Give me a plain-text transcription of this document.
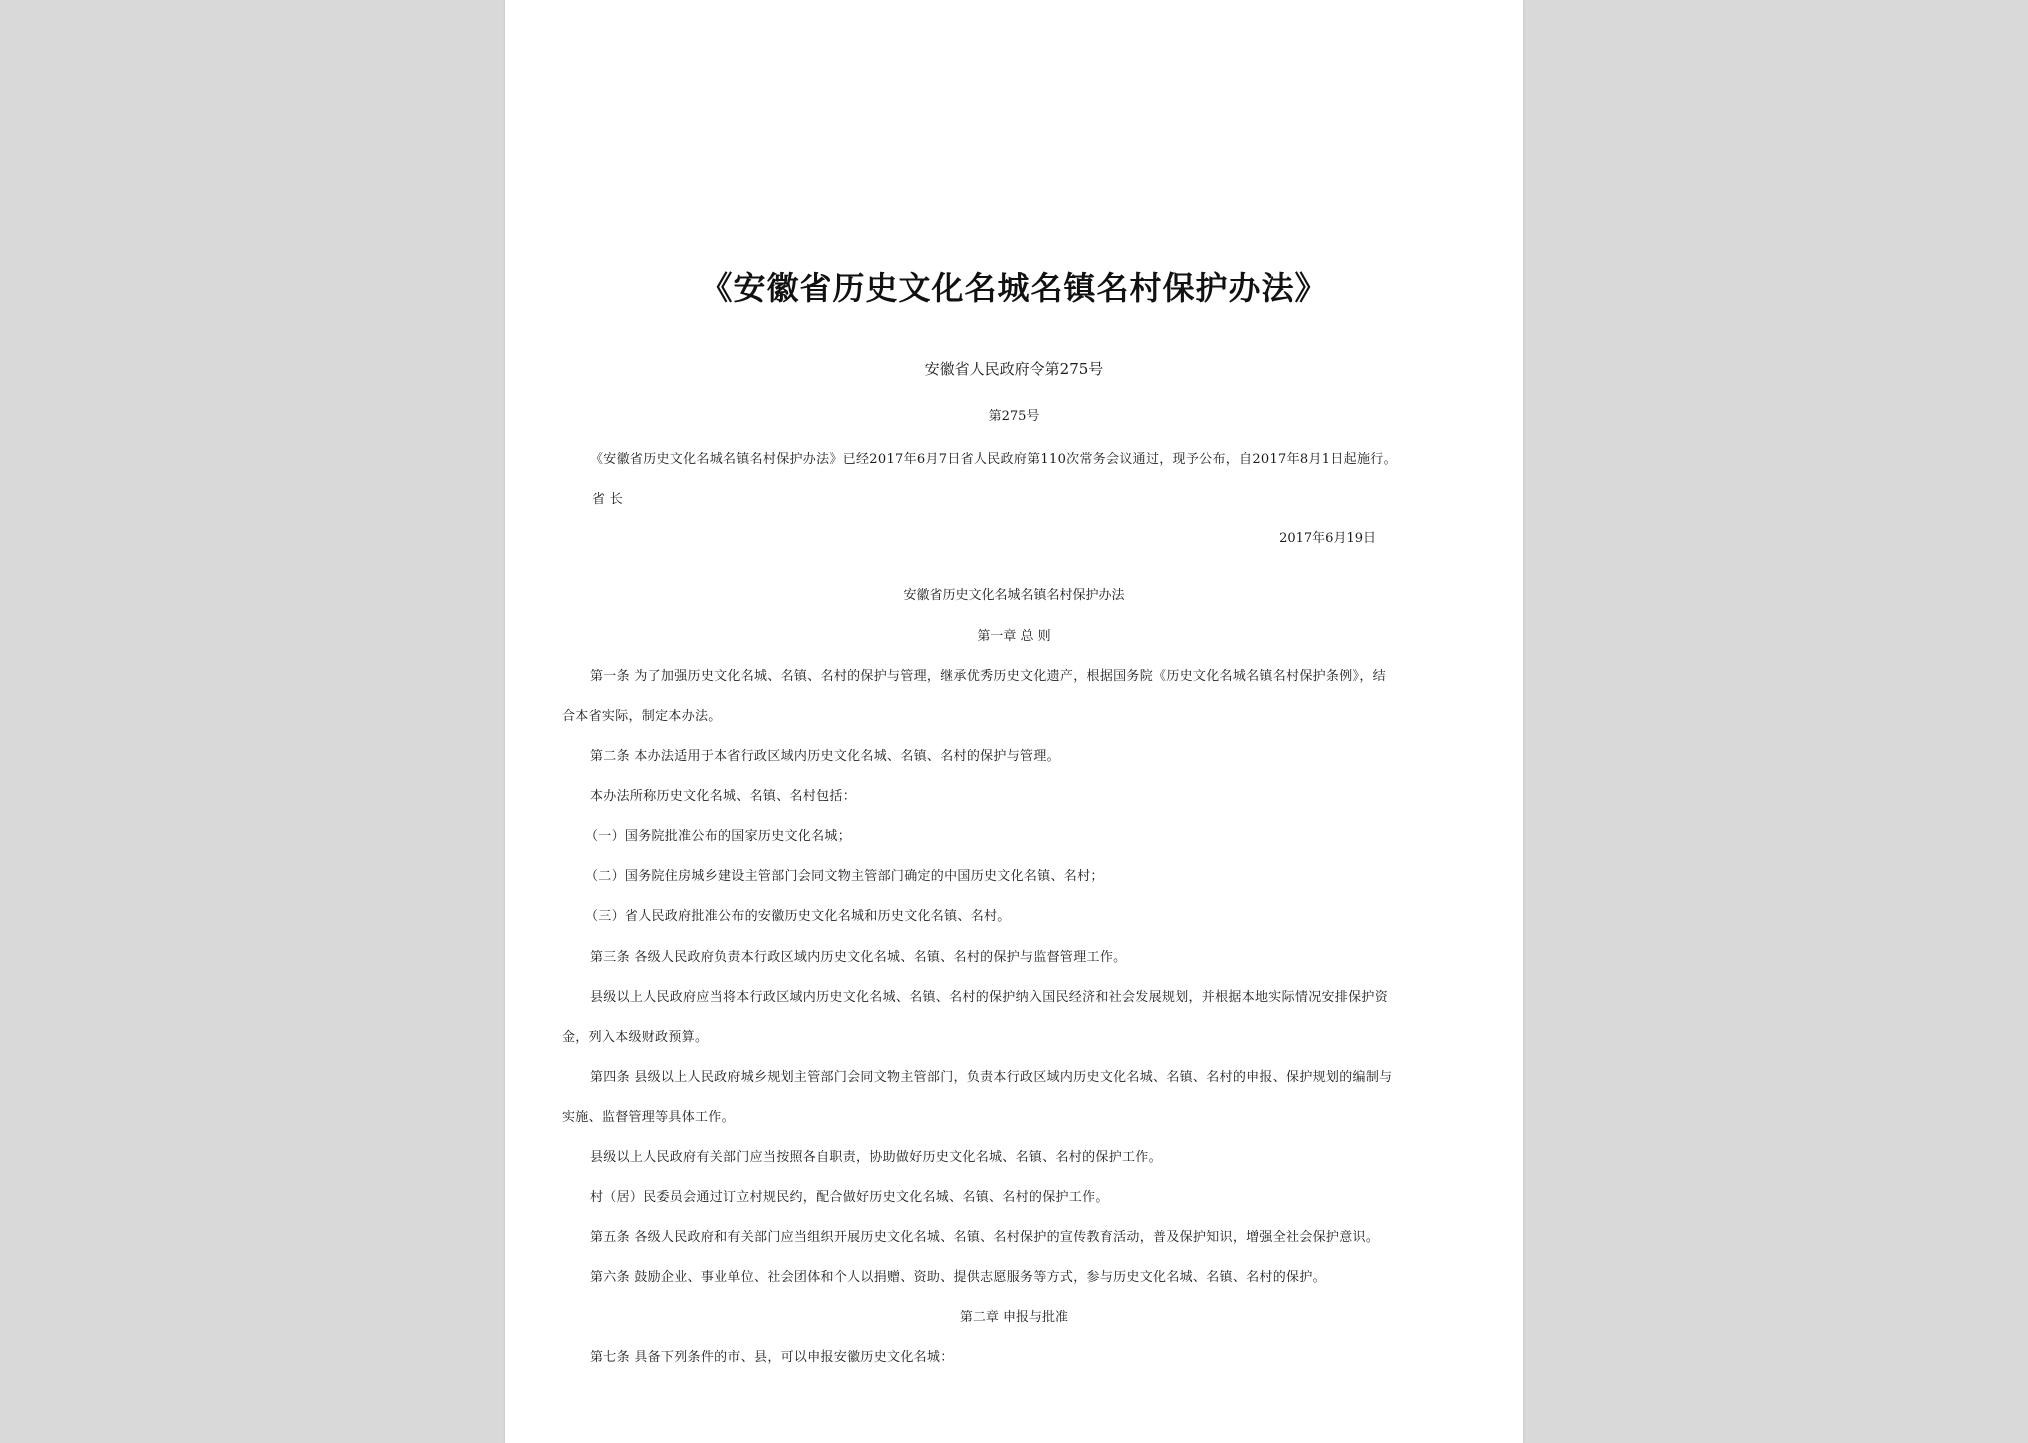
《安徽省历史文化名城名镇名村保护办法》
安徽省人民政府令第275号
第275号
《安徽省历史文化名城名镇名村保护办法》已经2017年6月7日省人民政府第110次常务会议通过，现予公布，自2017年8月1日起施行。
省 长
2017年6月19日
安徽省历史文化名城名镇名村保护办法
第一章 总 则
第一条 为了加强历史文化名城、名镇、名村的保护与管理，继承优秀历史文化遗产，根据国务院《历史文化名城名镇名村保护条例》，结
合本省实际，制定本办法。
第二条 本办法适用于本省行政区域内历史文化名城、名镇、名村的保护与管理。
本办法所称历史文化名城、名镇、名村包括：
（一）国务院批准公布的国家历史文化名城；
（二）国务院住房城乡建设主管部门会同文物主管部门确定的中国历史文化名镇、名村；
（三）省人民政府批准公布的安徽历史文化名城和历史文化名镇、名村。
第三条 各级人民政府负责本行政区域内历史文化名城、名镇、名村的保护与监督管理工作。
县级以上人民政府应当将本行政区域内历史文化名城、名镇、名村的保护纳入国民经济和社会发展规划，并根据本地实际情况安排保护资
金，列入本级财政预算。
第四条 县级以上人民政府城乡规划主管部门会同文物主管部门，负责本行政区域内历史文化名城、名镇、名村的申报、保护规划的编制与
实施、监督管理等具体工作。
县级以上人民政府有关部门应当按照各自职责，协助做好历史文化名城、名镇、名村的保护工作。
村（居）民委员会通过订立村规民约，配合做好历史文化名城、名镇、名村的保护工作。
第五条 各级人民政府和有关部门应当组织开展历史文化名城、名镇、名村保护的宣传教育活动，普及保护知识，增强全社会保护意识。
第六条 鼓励企业、事业单位、社会团体和个人以捐赠、资助、提供志愿服务等方式，参与历史文化名城、名镇、名村的保护。
第二章 申报与批准
第七条 具备下列条件的市、县，可以申报安徽历史文化名城：
